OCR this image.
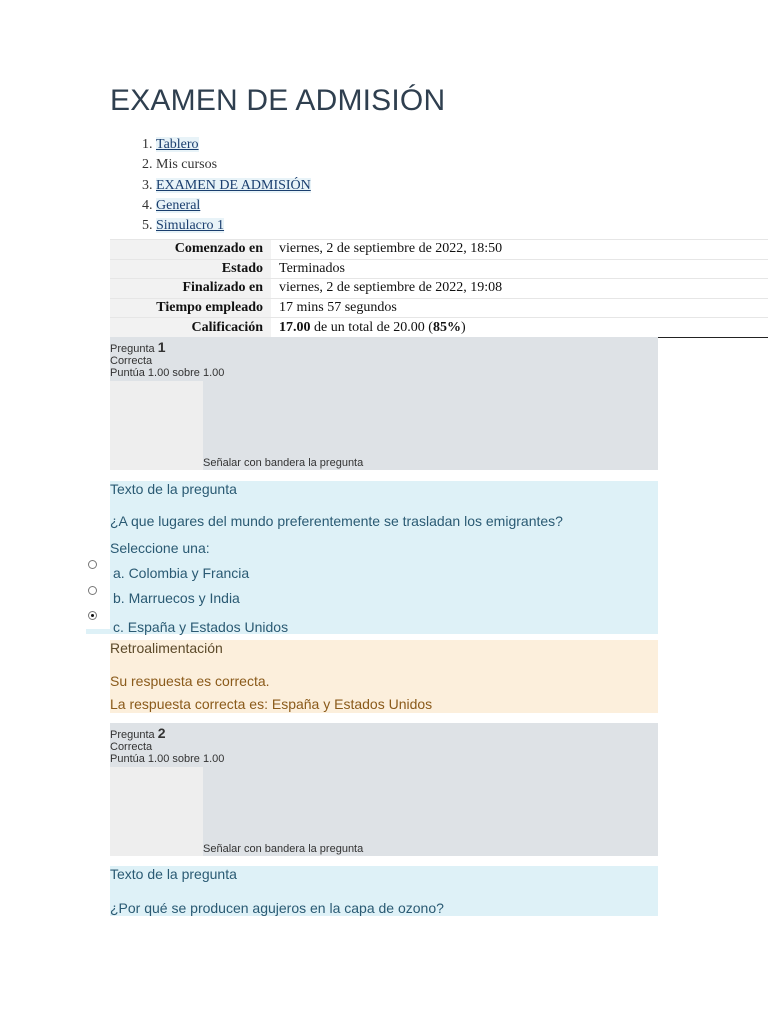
EXAMEN DE ADMISIÓN
1. Tablero
2. Mis cursos
3. EXAMEN DE ADMISIÓN
4. General
5. Simulacro 1
Comenzado en	viernes, 2 de septiembre de 2022, 18:50
Estado	Terminados
Finalizado en	viernes, 2 de septiembre de 2022, 19:08
Tiempo empleado	17 mins 57 segundos
Calificación	17.00 de un total de 20.00 (85%)
Pregunta 1
Correcta
Puntúa 1.00 sobre 1.00
Señalar con bandera la pregunta
Texto de la pregunta
¿A que lugares del mundo preferentemente se trasladan los emigrantes?
Seleccione una:
a. Colombia y Francia
b. Marruecos y India
c. España y Estados Unidos
Retroalimentación
Su respuesta es correcta.
La respuesta correcta es: España y Estados Unidos
Pregunta 2
Correcta
Puntúa 1.00 sobre 1.00
Señalar con bandera la pregunta
Texto de la pregunta
¿Por qué se producen agujeros en la capa de ozono?
